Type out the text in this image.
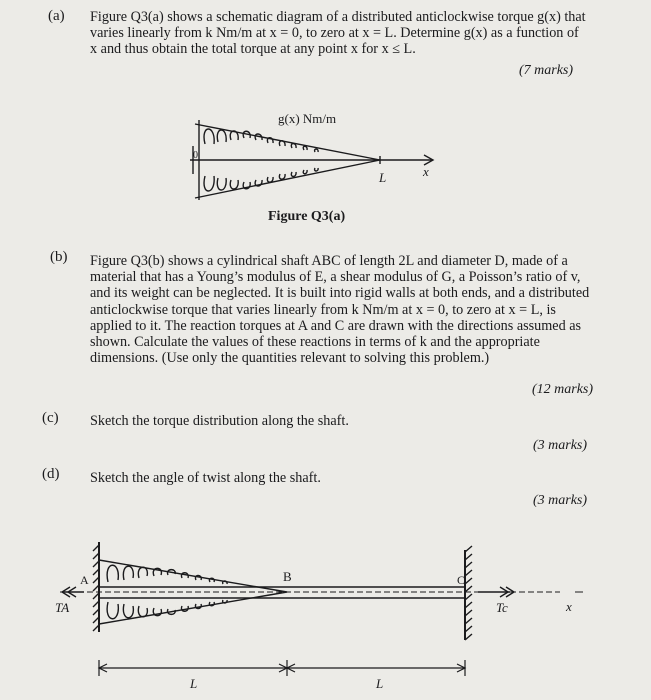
(a) Figure Q3(a) shows a schematic diagram of a distributed anticlockwise torque g(x) that
varies linearly from k Nm/m at x = 0, to zero at x = L. Determine g(x) as a function of
x and thus obtain the total torque at any point x for x ≤ L.
(7 marks)
g(x) Nm/m
0
L	x
Figure Q3(a)
(b) Figure Q3(b) shows a cylindrical shaft ABC of length 2L and diameter D, made of a
material that has a Young’s modulus of E, a shear modulus of G, a Poisson’s ratio of v,
and its weight can be neglected. It is built into rigid walls at both ends, and a distributed
anticlockwise torque that varies linearly from k Nm/m at x = 0, to zero at x = L, is
applied to it. The reaction torques at A and C are drawn with the directions assumed as
shown. Calculate the values of these reactions in terms of k and the appropriate
dimensions. (Use only the quantities relevant to solving this problem.)
(12 marks)
(c) Sketch the torque distribution along the shaft.
(3 marks)
(d) Sketch the angle of twist along the shaft.
(3 marks)
A	B	C
TA	Tc	x
L	L
